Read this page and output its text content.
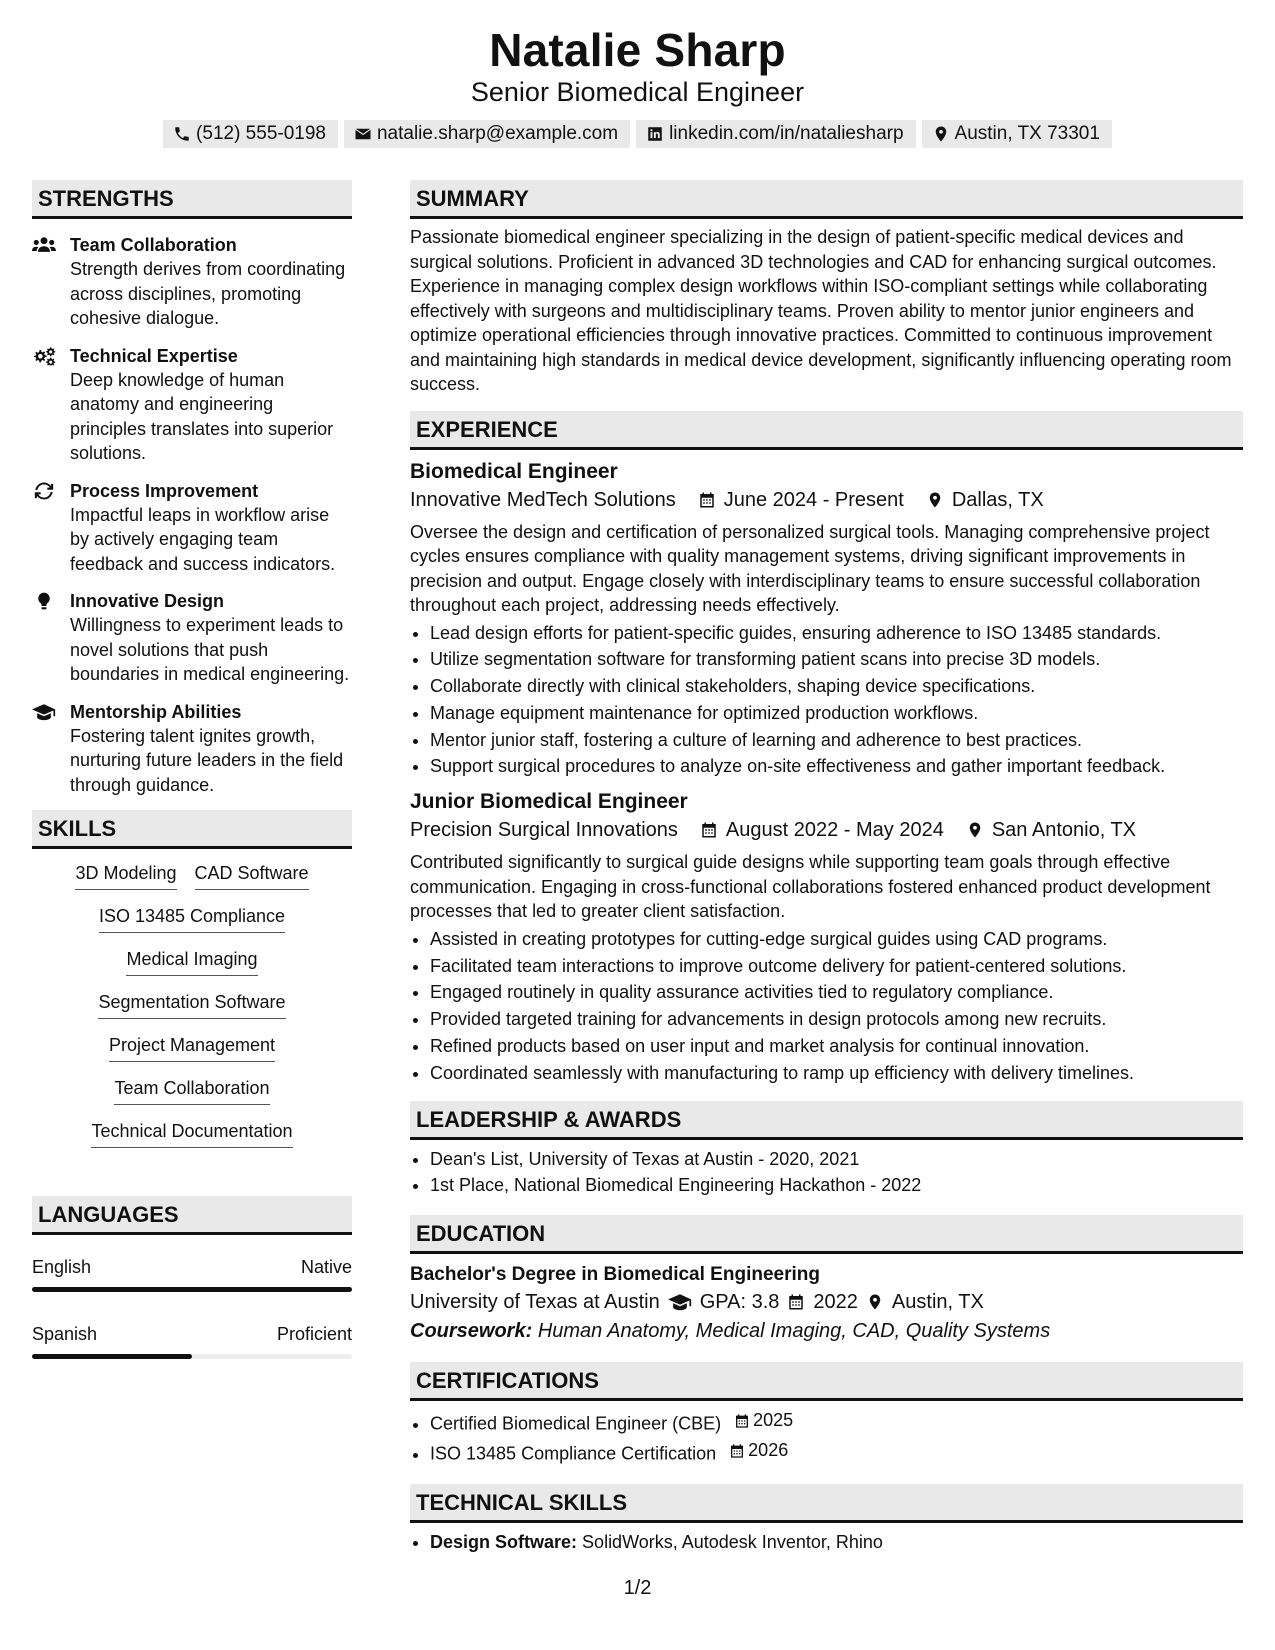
Natalie Sharp
Senior Biomedical Engineer
(512) 555-0198	natalie.sharp@example.com	linkedin.com/in/nataliesharp	Austin, TX 73301
STRENGTHS
Team Collaboration
Strength derives from coordinating across disciplines, promoting cohesive dialogue.
Technical Expertise
Deep knowledge of human anatomy and engineering principles translates into superior solutions.
Process Improvement
Impactful leaps in workflow arise by actively engaging team feedback and success indicators.
Innovative Design
Willingness to experiment leads to novel solutions that push boundaries in medical engineering.
Mentorship Abilities
Fostering talent ignites growth, nurturing future leaders in the field through guidance.
SKILLS
3D Modeling CAD Software
ISO 13485 Compliance
Medical Imaging
Segmentation Software
Project Management
Team Collaboration
Technical Documentation
LANGUAGES
English	Native
Spanish	Proficient
SUMMARY
Passionate biomedical engineer specializing in the design of patient-specific medical devices and surgical solutions. Proficient in advanced 3D technologies and CAD for enhancing surgical outcomes. Experience in managing complex design workflows within ISO-compliant settings while collaborating effectively with surgeons and multidisciplinary teams. Proven ability to mentor junior engineers and optimize operational efficiencies through innovative practices. Committed to continuous improvement and maintaining high standards in medical device development, significantly influencing operating room success.
EXPERIENCE
Biomedical Engineer
Innovative MedTech Solutions June 2024 - Present Dallas, TX
Oversee the design and certification of personalized surgical tools. Managing comprehensive project cycles ensures compliance with quality management systems, driving significant improvements in precision and output. Engage closely with interdisciplinary teams to ensure successful collaboration throughout each project, addressing needs effectively.
• Lead design efforts for patient-specific guides, ensuring adherence to ISO 13485 standards.
• Utilize segmentation software for transforming patient scans into precise 3D models.
• Collaborate directly with clinical stakeholders, shaping device specifications.
• Manage equipment maintenance for optimized production workflows.
• Mentor junior staff, fostering a culture of learning and adherence to best practices.
• Support surgical procedures to analyze on-site effectiveness and gather important feedback.
Junior Biomedical Engineer
Precision Surgical Innovations August 2022 - May 2024 San Antonio, TX
Contributed significantly to surgical guide designs while supporting team goals through effective communication. Engaging in cross-functional collaborations fostered enhanced product development processes that led to greater client satisfaction.
• Assisted in creating prototypes for cutting-edge surgical guides using CAD programs.
• Facilitated team interactions to improve outcome delivery for patient-centered solutions.
• Engaged routinely in quality assurance activities tied to regulatory compliance.
• Provided targeted training for advancements in design protocols among new recruits.
• Refined products based on user input and market analysis for continual innovation.
• Coordinated seamlessly with manufacturing to ramp up efficiency with delivery timelines.
LEADERSHIP & AWARDS
• Dean's List, University of Texas at Austin - 2020, 2021
• 1st Place, National Biomedical Engineering Hackathon - 2022
EDUCATION
Bachelor's Degree in Biomedical Engineering
University of Texas at Austin GPA: 3.8 2022 Austin, TX
Coursework: Human Anatomy, Medical Imaging, CAD, Quality Systems
CERTIFICATIONS
• Certified Biomedical Engineer (CBE) 2025
• ISO 13485 Compliance Certification 2026
TECHNICAL SKILLS
• Design Software: SolidWorks, Autodesk Inventor, Rhino
1/2
